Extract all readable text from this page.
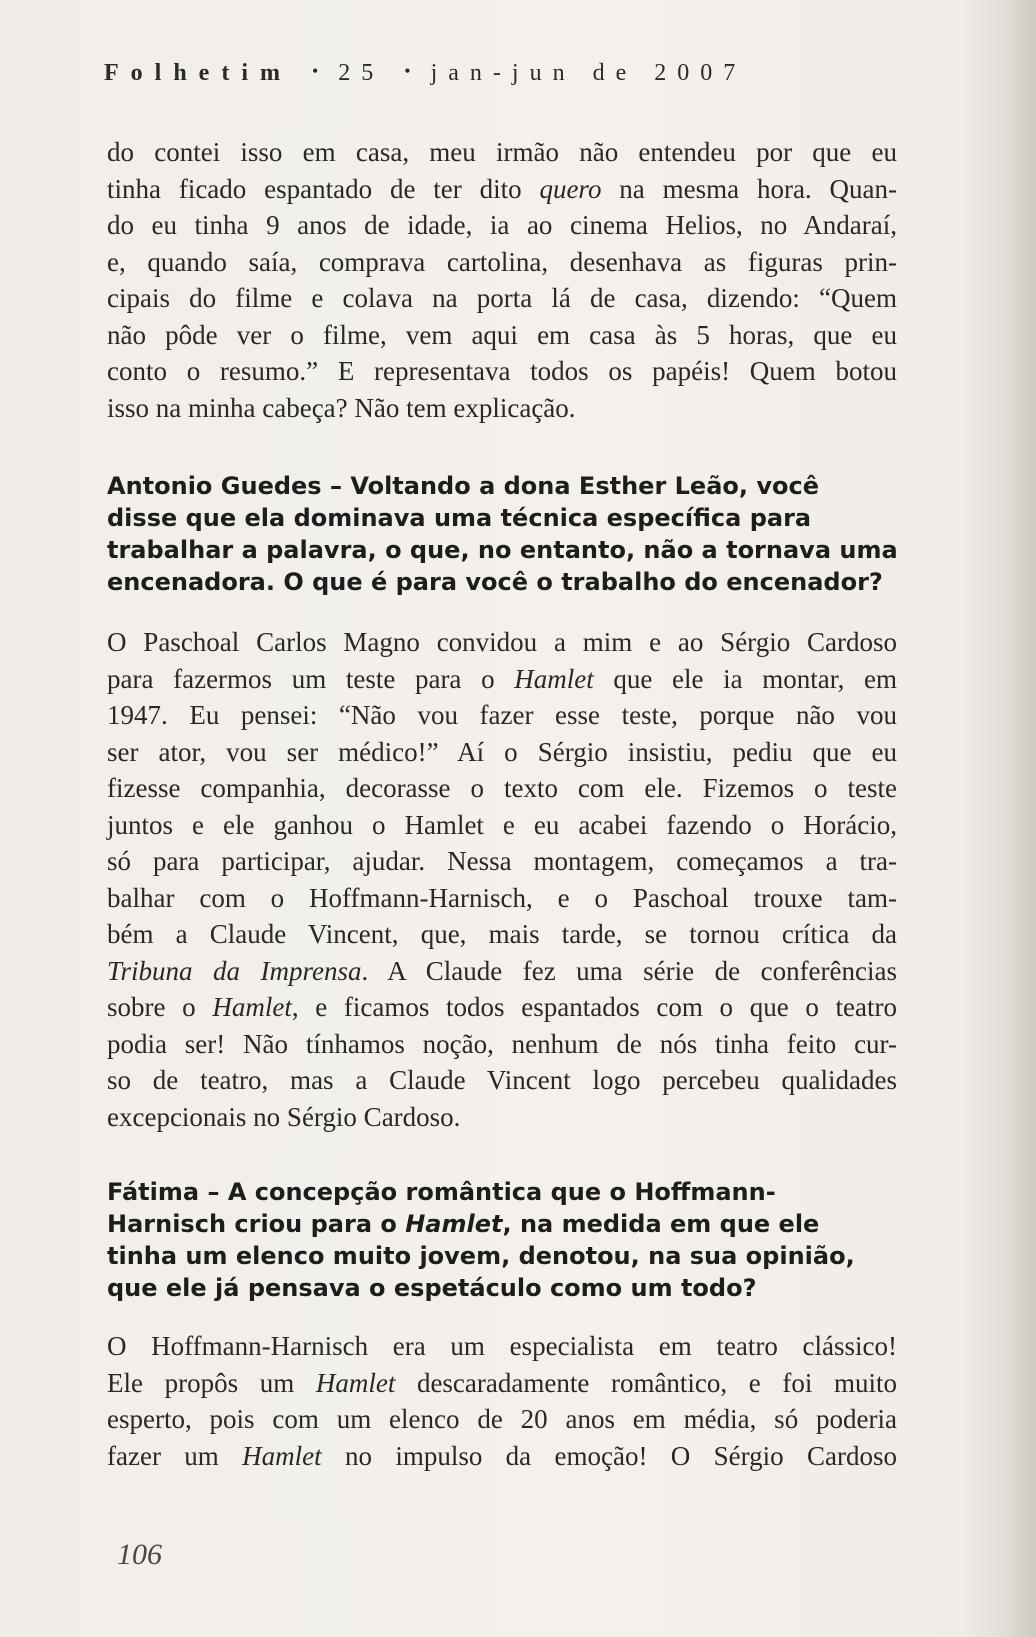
Folhetim • 25 • jan-jun de 2007

do contei isso em casa, meu irmão não entendeu por que eu
tinha ficado espantado de ter dito quero na mesma hora. Quan-
do eu tinha 9 anos de idade, ia ao cinema Helios, no Andaraí,
e, quando saía, comprava cartolina, desenhava as figuras prin-
cipais do filme e colava na porta lá de casa, dizendo: “Quem
não pôde ver o filme, vem aqui em casa às 5 horas, que eu
conto o resumo.” E representava todos os papéis! Quem botou
isso na minha cabeça? Não tem explicação.

Antonio Guedes – Voltando a dona Esther Leão, você
disse que ela dominava uma técnica específica para
trabalhar a palavra, o que, no entanto, não a tornava uma
encenadora. O que é para você o trabalho do encenador?

O Paschoal Carlos Magno convidou a mim e ao Sérgio Cardoso
para fazermos um teste para o Hamlet que ele ia montar, em
1947. Eu pensei: “Não vou fazer esse teste, porque não vou
ser ator, vou ser médico!” Aí o Sérgio insistiu, pediu que eu
fizesse companhia, decorasse o texto com ele. Fizemos o teste
juntos e ele ganhou o Hamlet e eu acabei fazendo o Horácio,
só para participar, ajudar. Nessa montagem, começamos a tra-
balhar com o Hoffmann-Harnisch, e o Paschoal trouxe tam-
bém a Claude Vincent, que, mais tarde, se tornou crítica da
Tribuna da Imprensa. A Claude fez uma série de conferências
sobre o Hamlet, e ficamos todos espantados com o que o teatro
podia ser! Não tínhamos noção, nenhum de nós tinha feito cur-
so de teatro, mas a Claude Vincent logo percebeu qualidades
excepcionais no Sérgio Cardoso.

Fátima – A concepção romântica que o Hoffmann-
Harnisch criou para o Hamlet, na medida em que ele
tinha um elenco muito jovem, denotou, na sua opinião,
que ele já pensava o espetáculo como um todo?

O Hoffmann-Harnisch era um especialista em teatro clássico!
Ele propôs um Hamlet descaradamente romântico, e foi muito
esperto, pois com um elenco de 20 anos em média, só poderia
fazer um Hamlet no impulso da emoção! O Sérgio Cardoso

106
